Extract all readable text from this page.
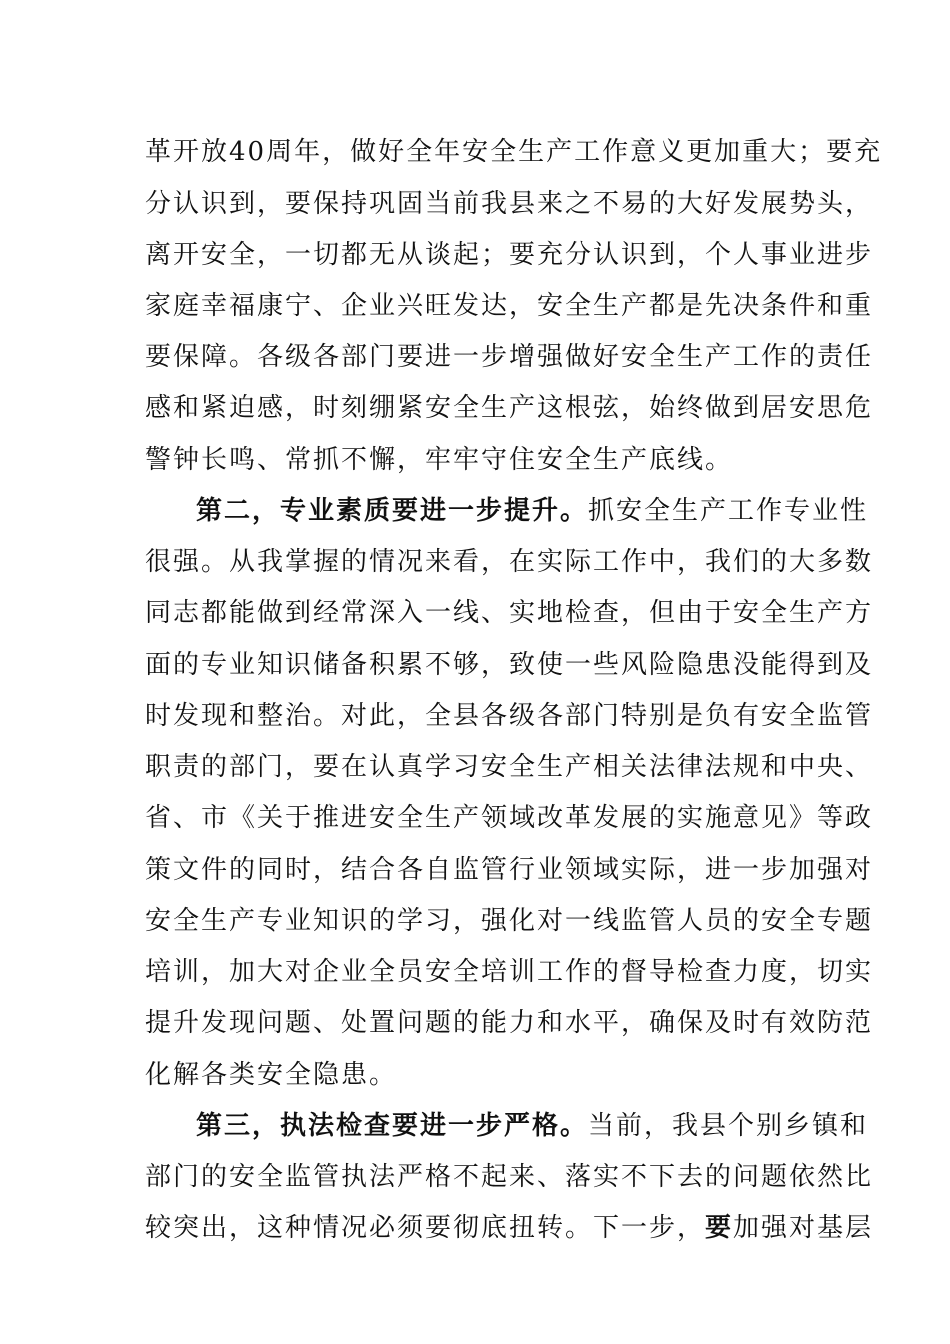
革开放40周年，做好全年安全生产工作意义更加重大；要充
分认识到，要保持巩固当前我县来之不易的大好发展势头，
离开安全，一切都无从谈起；要充分认识到，个人事业进步
家庭幸福康宁、企业兴旺发达，安全生产都是先决条件和重
要保障。各级各部门要进一步增强做好安全生产工作的责任
感和紧迫感，时刻绷紧安全生产这根弦，始终做到居安思危
警钟长鸣、常抓不懈，牢牢守住安全生产底线。
第二，专业素质要进一步提升。抓安全生产工作专业性
很强。从我掌握的情况来看，在实际工作中，我们的大多数
同志都能做到经常深入一线、实地检查，但由于安全生产方
面的专业知识储备积累不够，致使一些风险隐患没能得到及
时发现和整治。对此，全县各级各部门特别是负有安全监管
职责的部门，要在认真学习安全生产相关法律法规和中央、
省、市《关于推进安全生产领域改革发展的实施意见》等政
策文件的同时，结合各自监管行业领域实际，进一步加强对
安全生产专业知识的学习，强化对一线监管人员的安全专题
培训，加大对企业全员安全培训工作的督导检查力度，切实
提升发现问题、处置问题的能力和水平，确保及时有效防范
化解各类安全隐患。
第三，执法检查要进一步严格。当前，我县个别乡镇和
部门的安全监管执法严格不起来、落实不下去的问题依然比
较突出，这种情况必须要彻底扭转。下一步，要加强对基层
